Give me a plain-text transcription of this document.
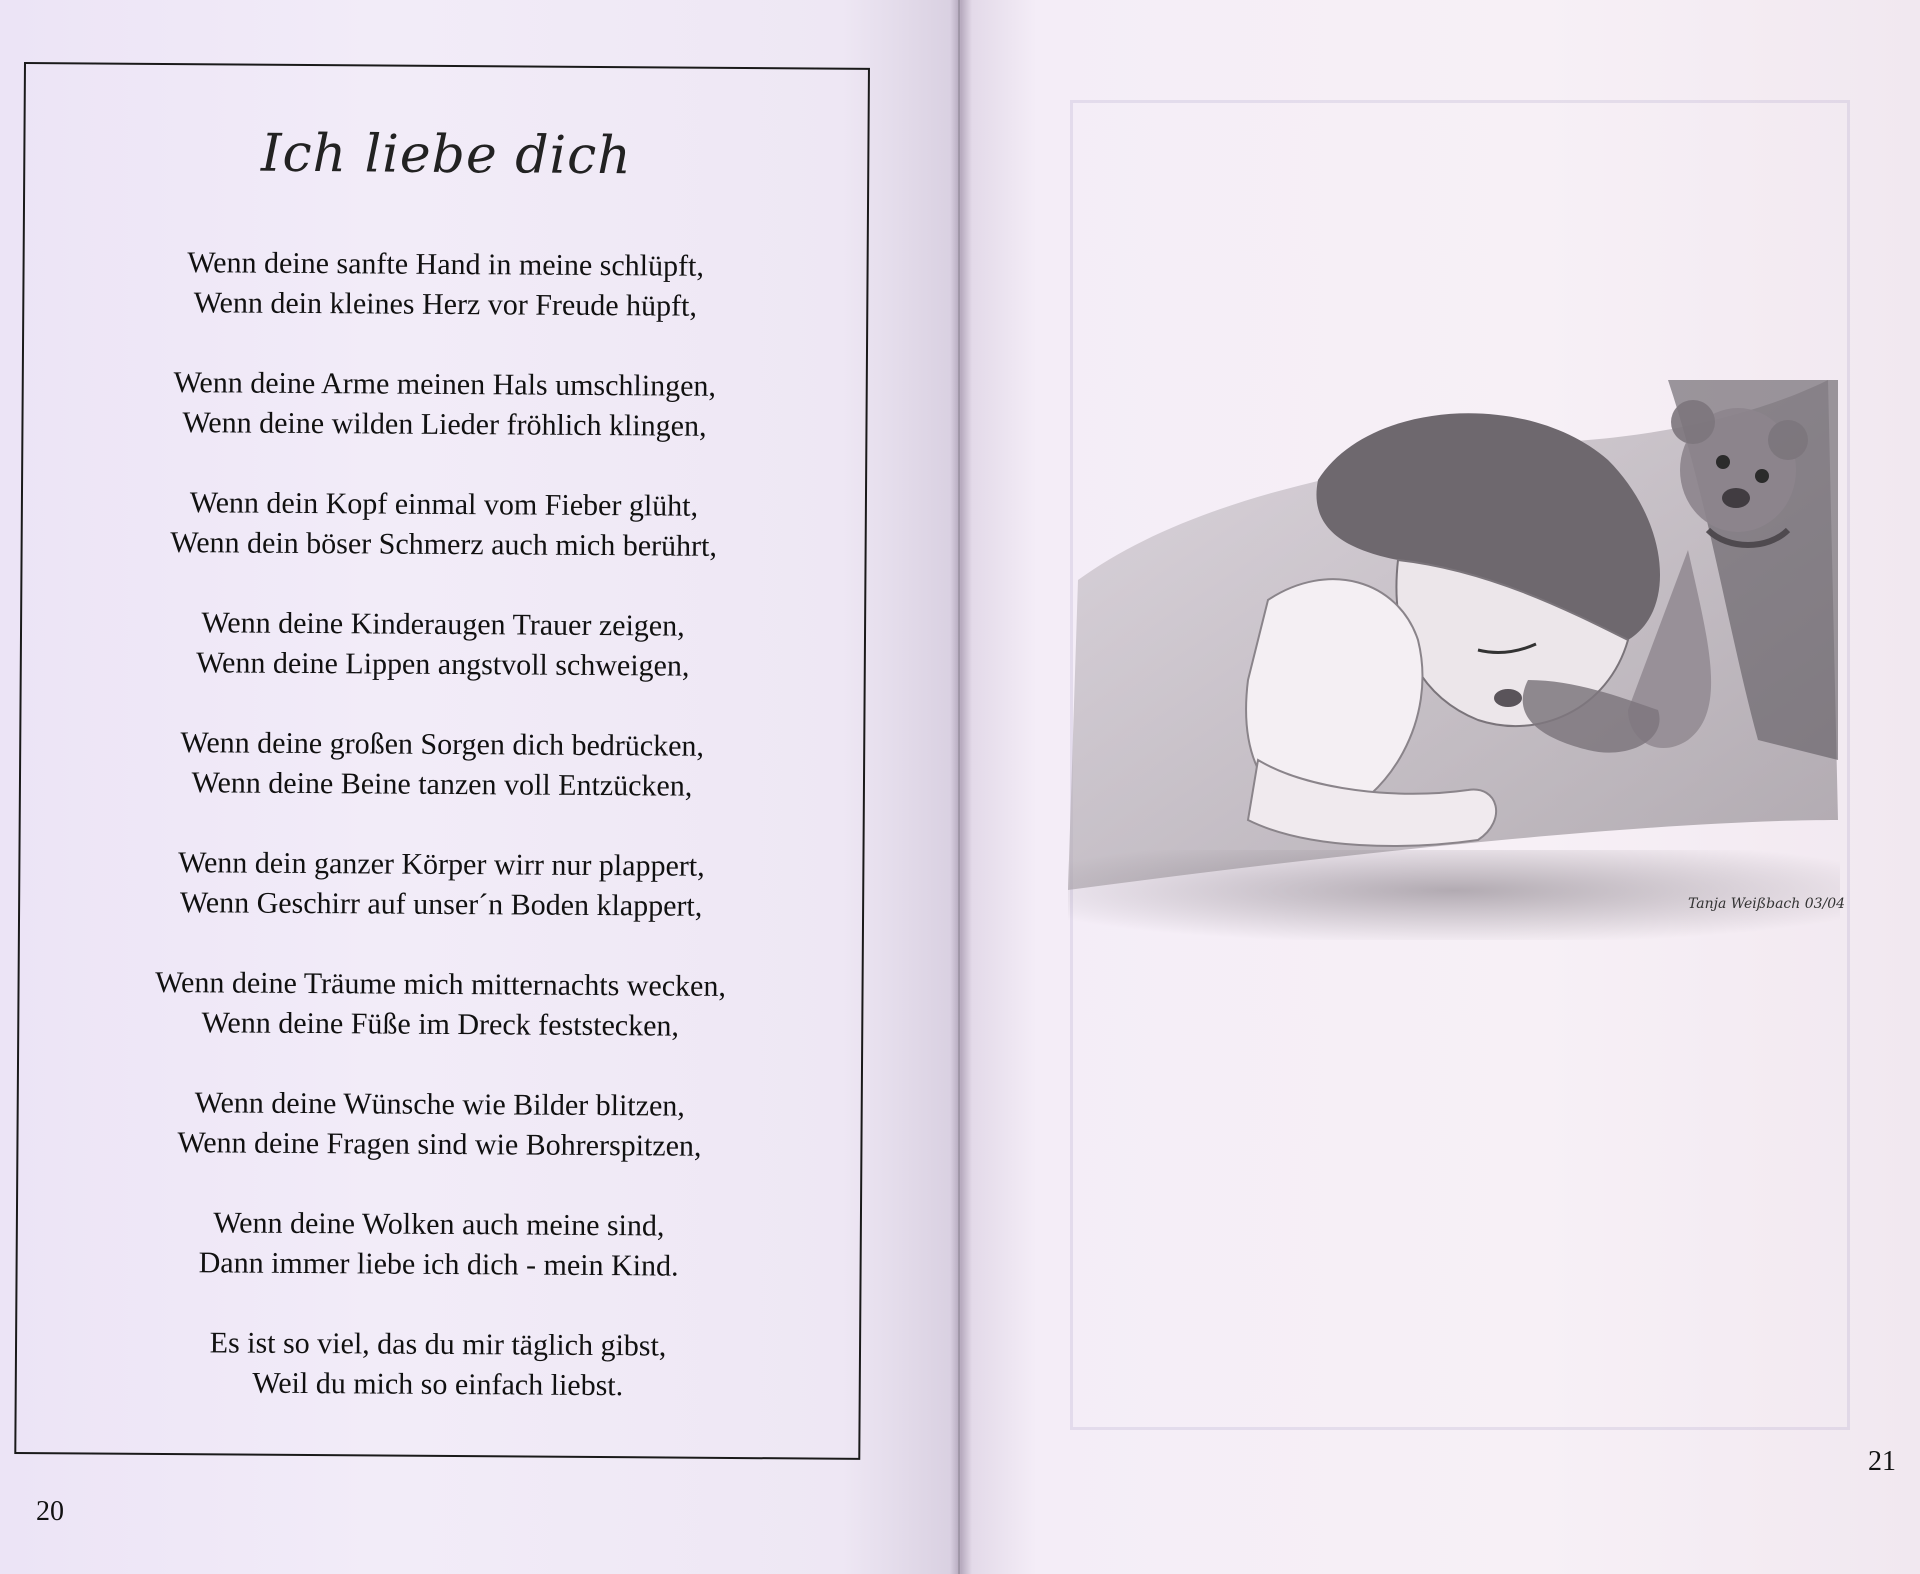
Ich liebe dich
Wenn deine sanfte Hand in meine schlüpft,
Wenn dein kleines Herz vor Freude hüpft,
Wenn deine Arme meinen Hals umschlingen,
Wenn deine wilden Lieder fröhlich klingen,
Wenn dein Kopf einmal vom Fieber glüht,
Wenn dein böser Schmerz auch mich berührt,
Wenn deine Kinderaugen Trauer zeigen,
Wenn deine Lippen angstvoll schweigen,
Wenn deine großen Sorgen dich bedrücken,
Wenn deine Beine tanzen voll Entzücken,
Wenn dein ganzer Körper wirr nur plappert,
Wenn Geschirr auf unser´n Boden klappert,
Wenn deine Träume mich mitternachts wecken,
Wenn deine Füße im Dreck feststecken,
Wenn deine Wünsche wie Bilder blitzen,
Wenn deine Fragen sind wie Bohrerspitzen,
Wenn deine Wolken auch meine sind,
Dann immer liebe ich dich - mein Kind.
Es ist so viel, das du mir täglich gibst,
Weil du mich so einfach liebst.
20
Tanja Weißbach 03/04
21
